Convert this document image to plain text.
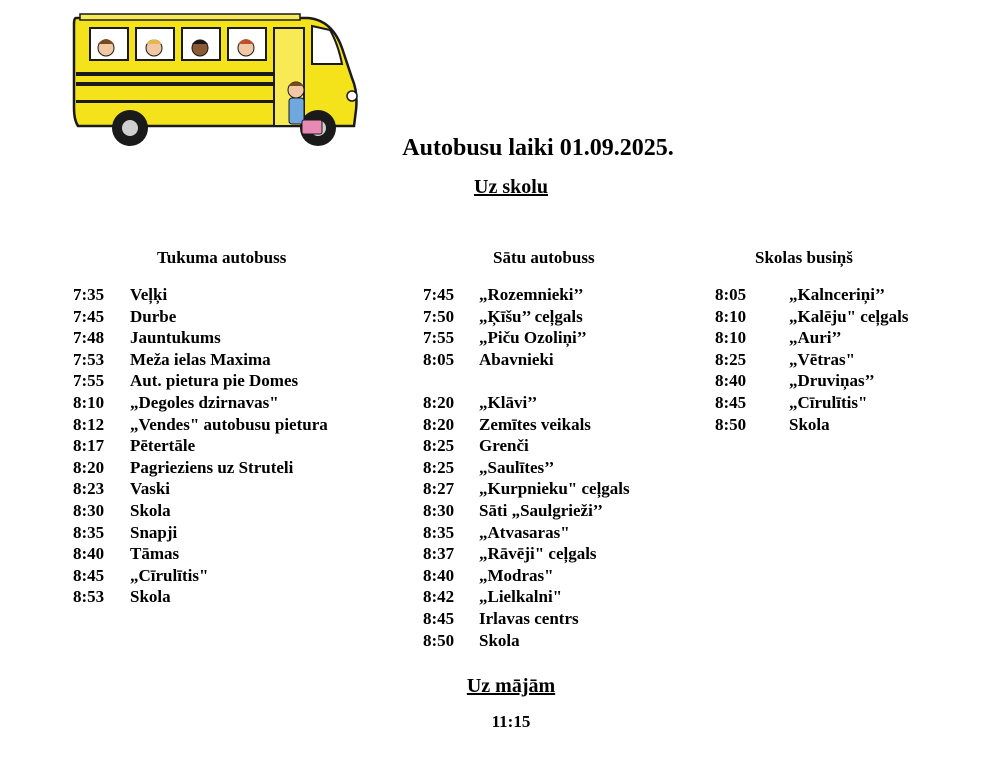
Autobusu laiki 01.09.2025.
Uz skolu
Tukuma autobuss
7:35	Veļķi
7:45	Durbe
7:48	Jauntukums
7:53	Meža ielas Maxima
7:55	Aut. pietura pie Domes
8:10	„Degoles dzirnavas"
8:12	„Vendes" autobusu pietura
8:17	Pētertāle
8:20	Pagrieziens uz Struteli
8:23	Vaski
8:30	Skola
8:35	Snapji
8:40	Tāmas
8:45	„Cīrulītis"
8:53	Skola
Sātu autobuss
7:45	„Rozemnieki’’
7:50	„Ķīšu’’ ceļgals
7:55	„Piču Ozoliņi’’
8:05	Abavnieki
8:20	„Klāvi’’
8:20	Zemītes veikals
8:25	Grenči
8:25	„Saulītes’’
8:27	„Kurpnieku" ceļgals
8:30	Sāti „Saulgrieži’’
8:35	„Atvasaras"
8:37	„Rāvēji" ceļgals
8:40	„Modras"
8:42	„Lielkalni"
8:45	Irlavas centrs
8:50	Skola
Skolas busiņš
8:05	„Kalnceriņi’’
8:10	„Kalēju" ceļgals
8:10	„Auri’’
8:25	„Vētras"
8:40	„Druviņas’’
8:45	„Cīrulītis"
8:50	Skola
Uz mājām
11:15
